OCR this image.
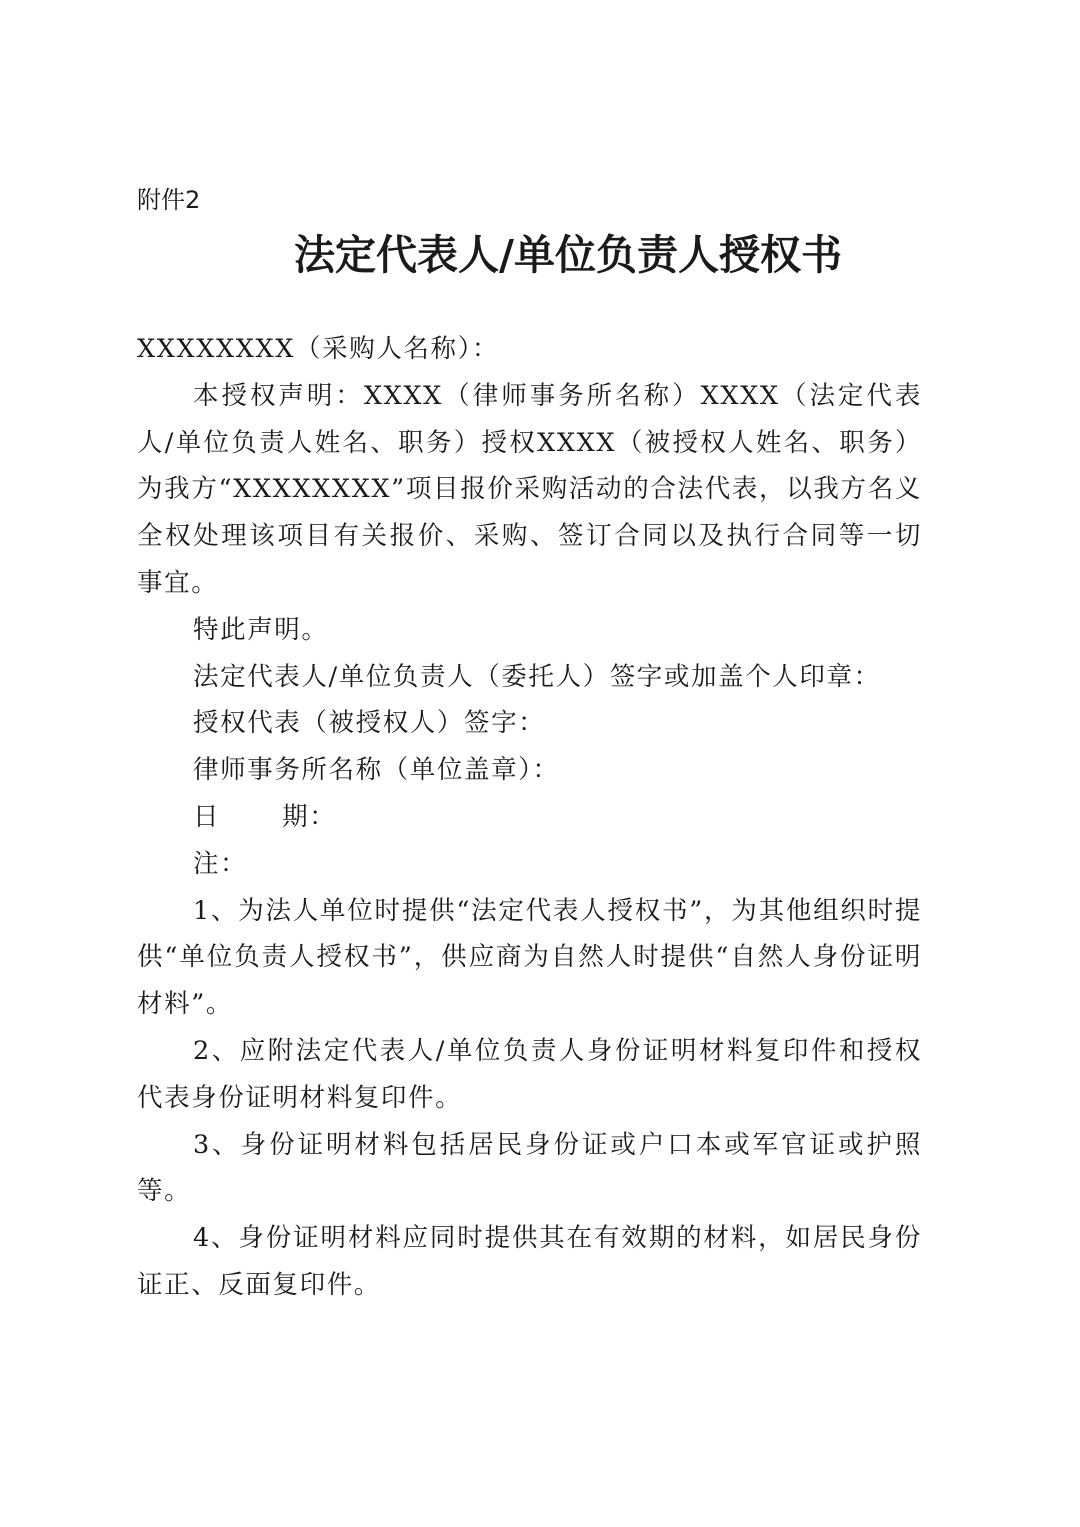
附件2
法定代表人/单位负责人授权书

XXXXXXXX（采购人名称）：

本授权声明：XXXX（律师事务所名称）XXXX（法定代表人/单位负责人姓名、职务）授权XXXX（被授权人姓名、职务）为我方“XXXXXXXX”项目报价采购活动的合法代表，以我方名义全权处理该项目有关报价、采购、签订合同以及执行合同等一切事宜。

特此声明。

法定代表人/单位负责人（委托人）签字或加盖个人印章：

授权代表（被授权人）签字：

律师事务所名称（单位盖章）：

日 期：

注：

1、为法人单位时提供“法定代表人授权书”，为其他组织时提供“单位负责人授权书”，供应商为自然人时提供“自然人身份证明材料”。

2、应附法定代表人/单位负责人身份证明材料复印件和授权代表身份证明材料复印件。

3、身份证明材料包括居民身份证或户口本或军官证或护照等。

4、身份证明材料应同时提供其在有效期的材料，如居民身份证正、反面复印件。
